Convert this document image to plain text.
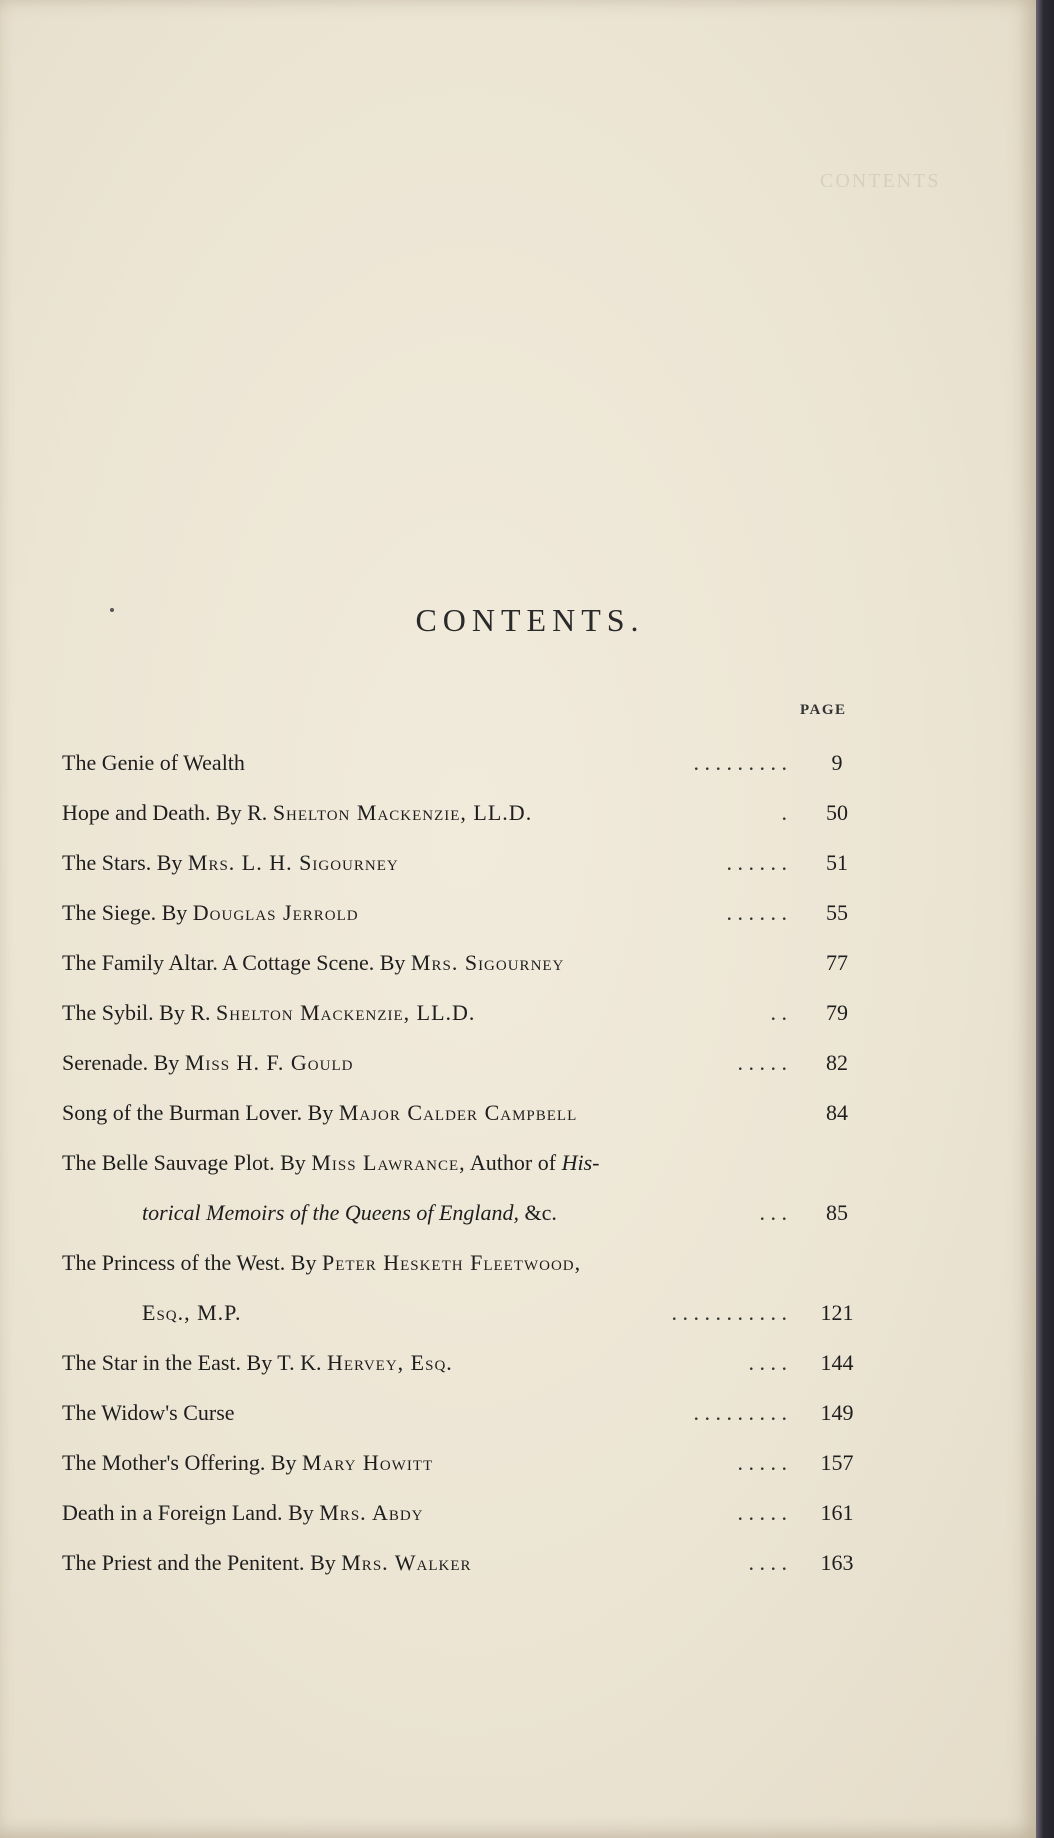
CONTENTS
CONTENTS.
PAGE
The Genie of Wealth	. . . . . . . . .	9
Hope and Death. By R. Shelton Mackenzie, LL.D.	.	50
The Stars. By Mrs. L. H. Sigourney	. . . . . .	51
The Siege. By Douglas Jerrold	. . . . . .	55
The Family Altar. A Cottage Scene. By Mrs. Sigourney	77
The Sybil. By R. Shelton Mackenzie, LL.D.	. .	79
Serenade. By Miss H. F. Gould	. . . . .	82
Song of the Burman Lover. By Major Calder Campbell	84
The Belle Sauvage Plot. By Miss Lawrance, Author of His-
torical Memoirs of the Queens of England, &c.	. . .	85
The Princess of the West. By Peter Hesketh Fleetwood,
Esq., M.P.	. . . . . . . . . . .	121
The Star in the East. By T. K. Hervey, Esq.	. . . .	144
The Widow's Curse	. . . . . . . . .	149
The Mother's Offering. By Mary Howitt	. . . . .	157
Death in a Foreign Land. By Mrs. Abdy	. . . . .	161
The Priest and the Penitent. By Mrs. Walker	. . . .	163
